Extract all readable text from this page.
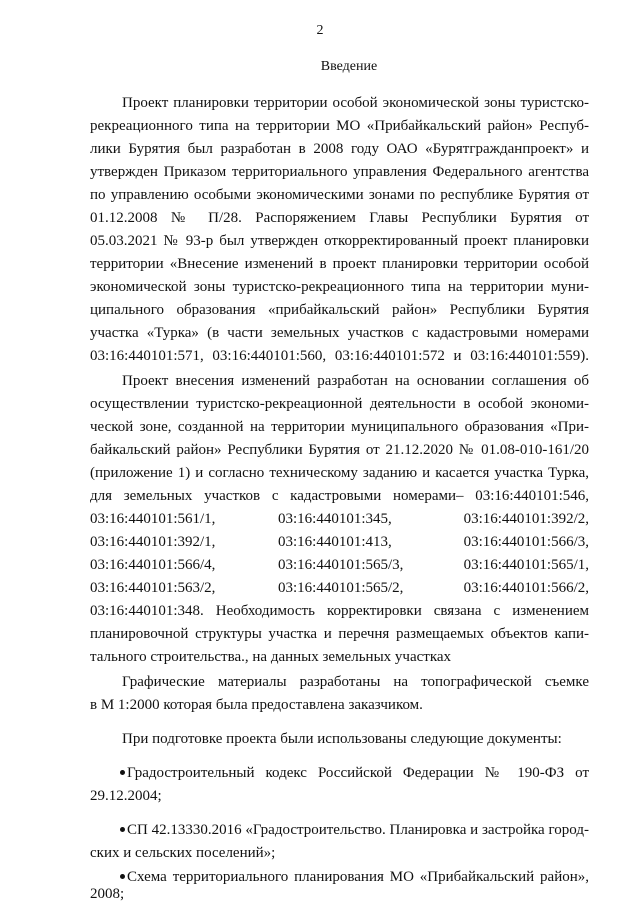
2
Введение
Проект планировки территории особой экономической зоны туристско-
рекреационного типа на территории МО «Прибайкальский район» Респуб-
лики Бурятия был разработан в 2008 году ОАО «Бурятгражданпроект» и
утвержден Приказом территориального управления Федерального агентства
по управлению особыми экономическими зонами по республике Бурятия от
01.12.2008 № П/28. Распоряжением Главы Республики Бурятия от
05.03.2021 № 93-р был утвержден откорректированный проект планировки
территории «Внесение изменений в проект планировки территории особой
экономической зоны туристско-рекреационного типа на территории муни-
ципального образования «прибайкальский район» Республики Бурятия
участка «Турка» (в части земельных участков с кадастровыми номерами
03:16:440101:571, 03:16:440101:560, 03:16:440101:572 и 03:16:440101:559).
Проект внесения изменений разработан на основании соглашения об
осуществлении туристско-рекреационной деятельности в особой экономи-
ческой зоне, созданной на территории муниципального образования «При-
байкальский район» Республики Бурятия от 21.12.2020 № 01.08-010-161/20
(приложение 1) и согласно техническому заданию и касается участка Турка,
для земельных участков с кадастровыми номерами– 03:16:440101:546,
03:16:440101:561/1,	03:16:440101:345,	03:16:440101:392/2,
03:16:440101:392/1,	03:16:440101:413,	03:16:440101:566/3,
03:16:440101:566/4,	03:16:440101:565/3,	03:16:440101:565/1,
03:16:440101:563/2,	03:16:440101:565/2,	03:16:440101:566/2,
03:16:440101:348. Необходимость корректировки связана с изменением
планировочной структуры участка и перечня размещаемых объектов капи-
тального строительства., на данных земельных участках
Графические материалы разработаны на топографической съемке
в М 1:2000 которая была предоставлена заказчиком.
При подготовке проекта были использованы следующие документы:
Градостроительный кодекс Российской Федерации № 190-ФЗ от
29.12.2004;
СП 42.13330.2016 «Градостроительство. Планировка и застройка город-
ских и сельских поселений»;
Схема территориального планирования МО «Прибайкальский район»,
2008;
